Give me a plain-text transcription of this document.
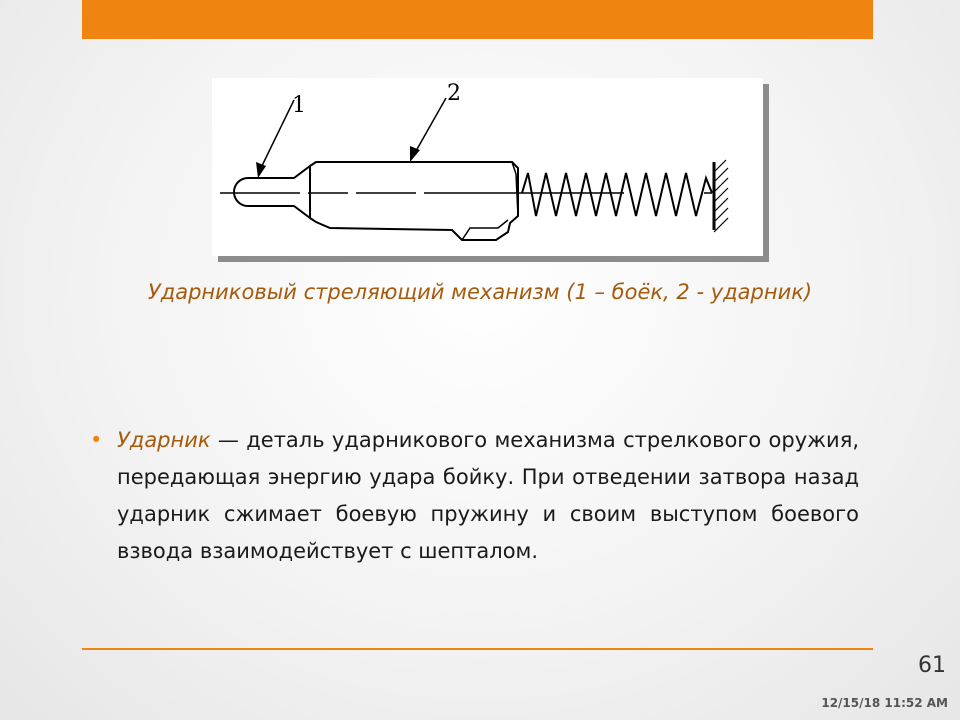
1	2
Ударниковый стреляющий механизм (1 – боёк, 2 - ударник)
• Ударник — деталь ударникового механизма стрелкового оружия, передающая энергию удара бойку. При отведении затвора назад ударник сжимает боевую пружину и своим выступом боевого взвода взаимодействует с шепталом.
61
12/15/18 11:52 AM
